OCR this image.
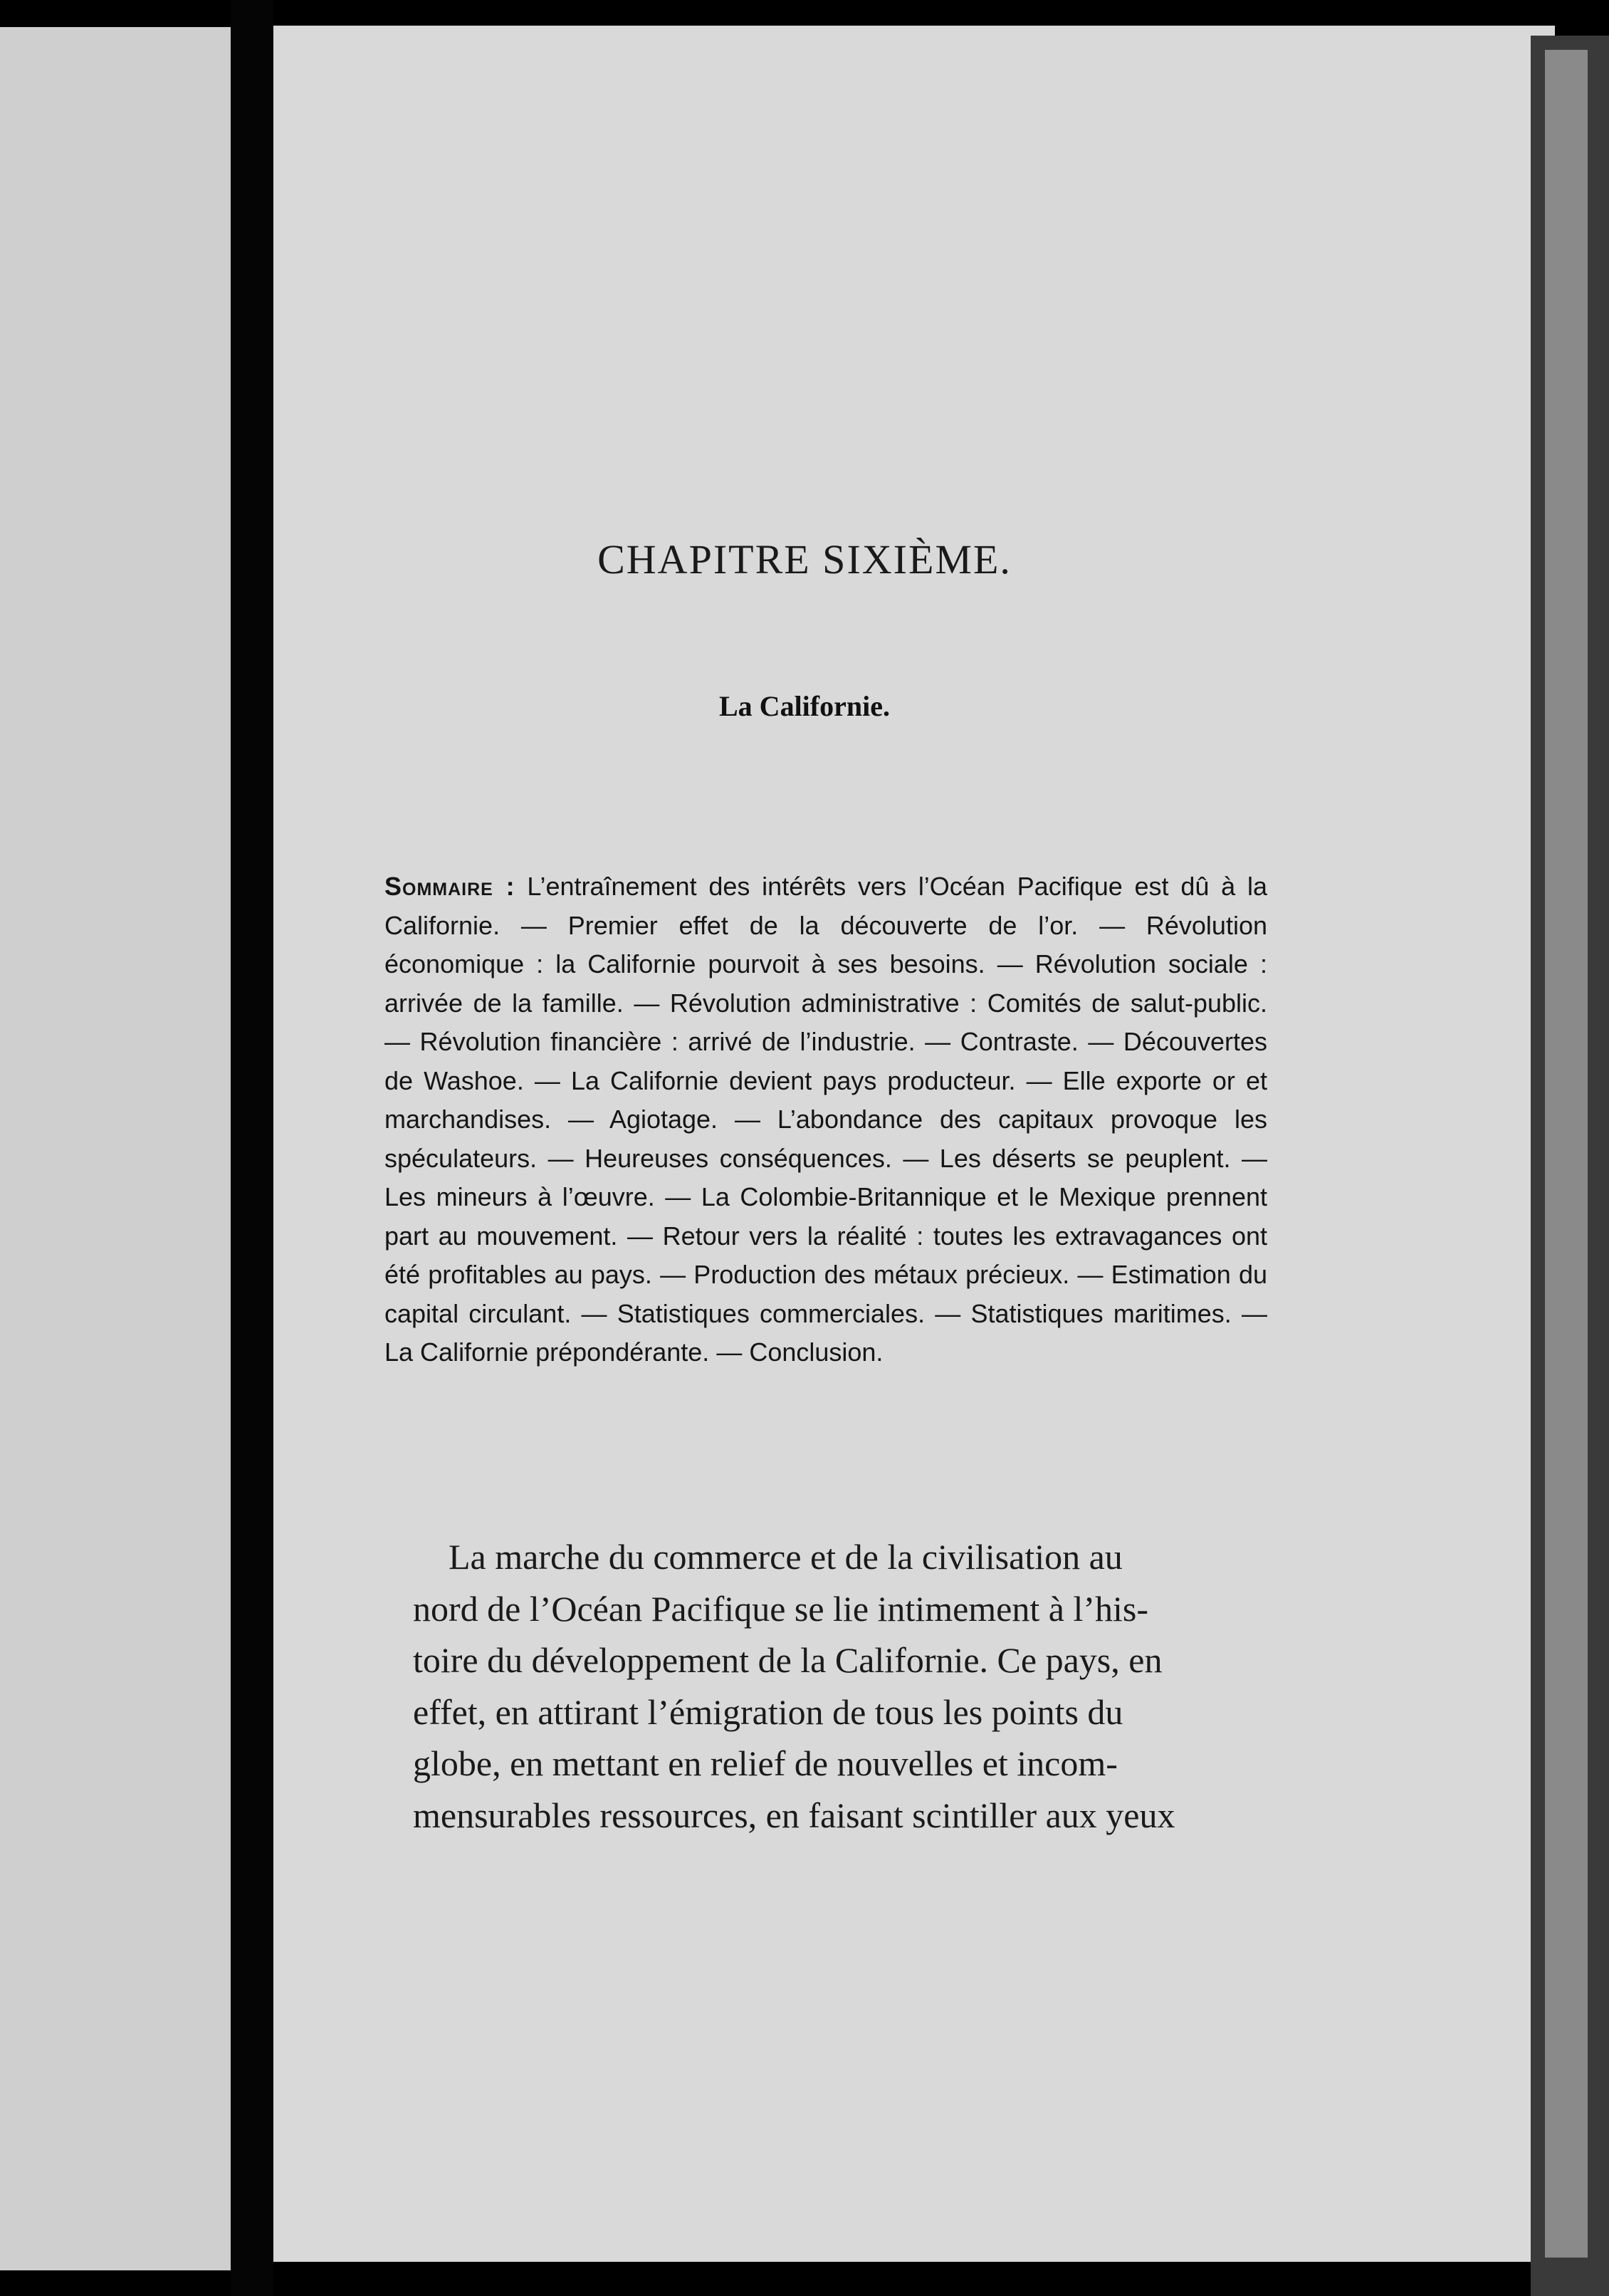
CHAPITRE SIXIÈME.
La Californie.
Sommaire : L’entraînement des intérêts vers l’Océan Pacifique est dû à la Californie. — Premier effet de la découverte de l’or. — Révolution économique : la Californie pourvoit à ses besoins. — Révolution sociale : arrivée de la famille. — Révolution administrative : Comités de salut-public. — Révolution financière : arrivé de l’industrie. — Contraste. — Découvertes de Washoe. — La Californie devient pays producteur. — Elle exporte or et marchandises. — Agiotage. — L’abondance des capitaux provoque les spéculateurs. — Heureuses conséquences. — Les déserts se peuplent. — Les mineurs à l’œuvre. — La Colombie-Britannique et le Mexique prennent part au mouvement. — Retour vers la réalité : toutes les extravagances ont été profitables au pays. — Production des métaux précieux. — Estimation du capital circulant. — Statistiques commerciales. — Statistiques maritimes. — La Californie prépondérante. — Conclusion.
La marche du commerce et de la civilisation au
nord de l’Océan Pacifique se lie intimement à l’his-
toire du développement de la Californie. Ce pays, en
effet, en attirant l’émigration de tous les points du
globe, en mettant en relief de nouvelles et incom-
mensurables ressources, en faisant scintiller aux yeux
